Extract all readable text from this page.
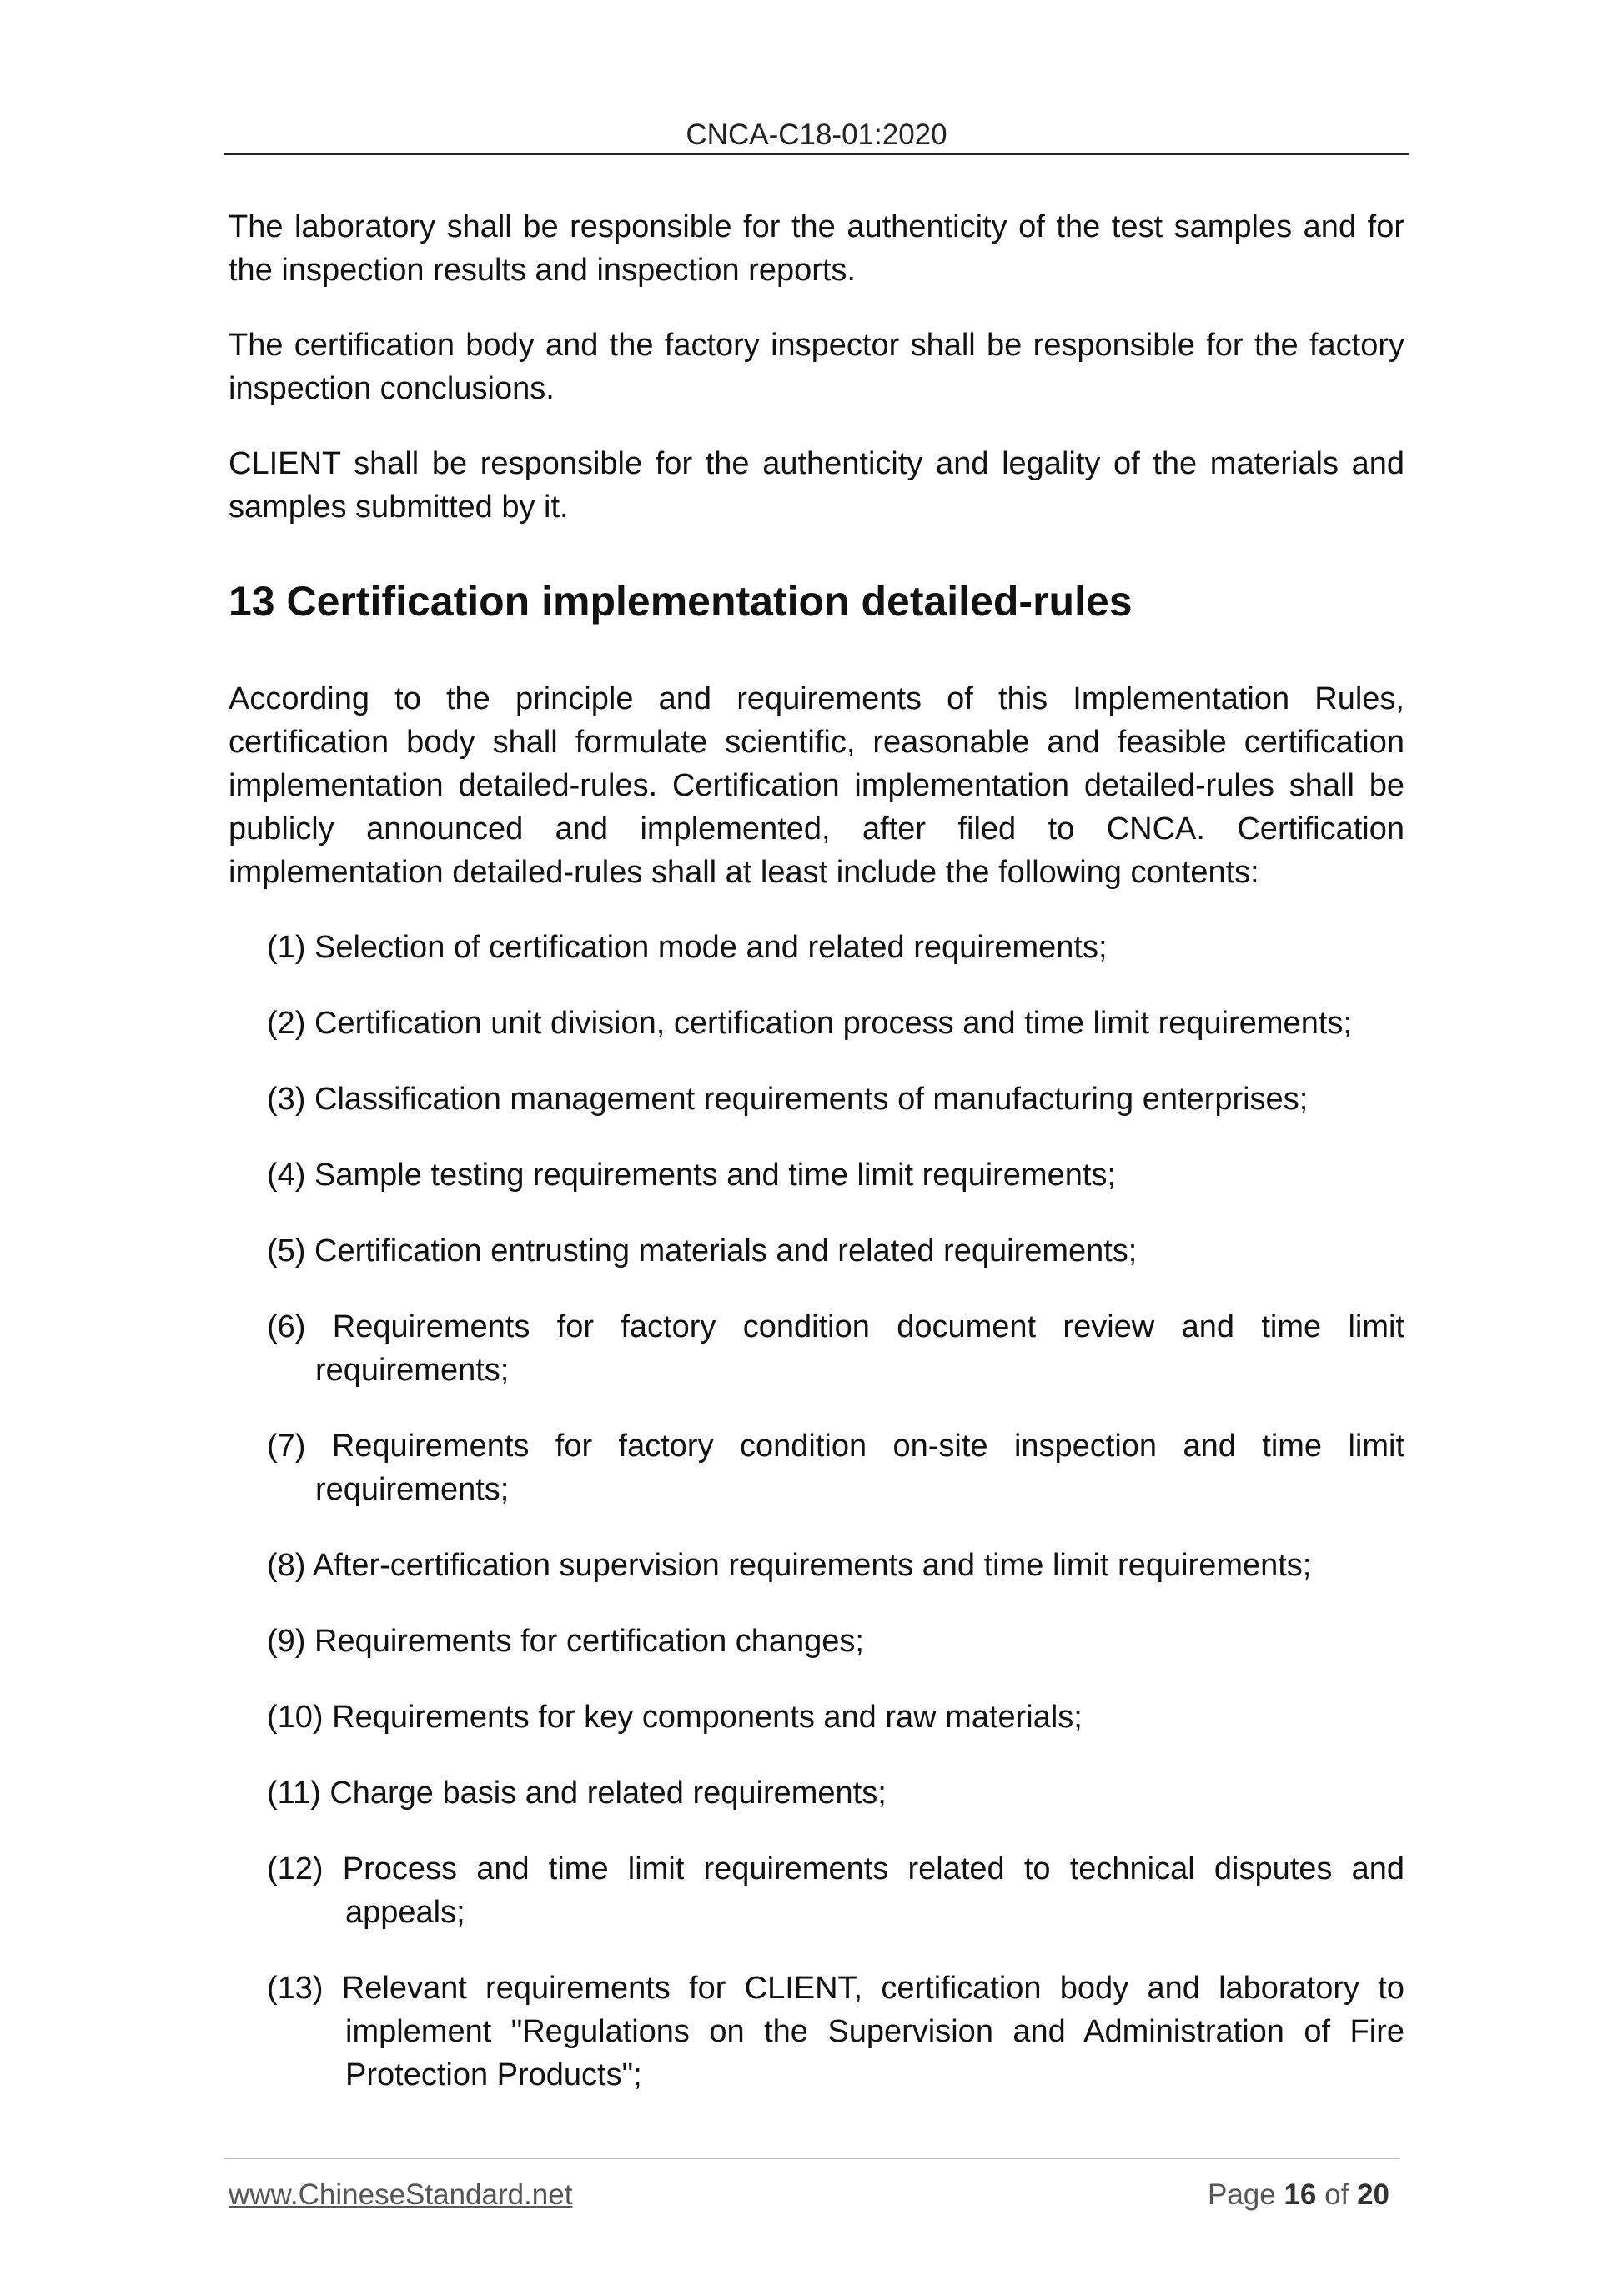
CNCA-C18-01:2020

The laboratory shall be responsible for the authenticity of the test samples and for the inspection results and inspection reports.

The certification body and the factory inspector shall be responsible for the factory inspection conclusions.

CLIENT shall be responsible for the authenticity and legality of the materials and samples submitted by it.

13 Certification implementation detailed-rules

According to the principle and requirements of this Implementation Rules, certification body shall formulate scientific, reasonable and feasible certification implementation detailed-rules. Certification implementation detailed-rules shall be publicly announced and implemented, after filed to CNCA. Certification implementation detailed-rules shall at least include the following contents:

(1) Selection of certification mode and related requirements;
(2) Certification unit division, certification process and time limit requirements;
(3) Classification management requirements of manufacturing enterprises;
(4) Sample testing requirements and time limit requirements;
(5) Certification entrusting materials and related requirements;
(6) Requirements for factory condition document review and time limit requirements;
(7) Requirements for factory condition on-site inspection and time limit requirements;
(8) After-certification supervision requirements and time limit requirements;
(9) Requirements for certification changes;
(10) Requirements for key components and raw materials;
(11) Charge basis and related requirements;
(12) Process and time limit requirements related to technical disputes and appeals;
(13) Relevant requirements for CLIENT, certification body and laboratory to implement "Regulations on the Supervision and Administration of Fire Protection Products";
www.ChineseStandard.net	Page 16 of 20
